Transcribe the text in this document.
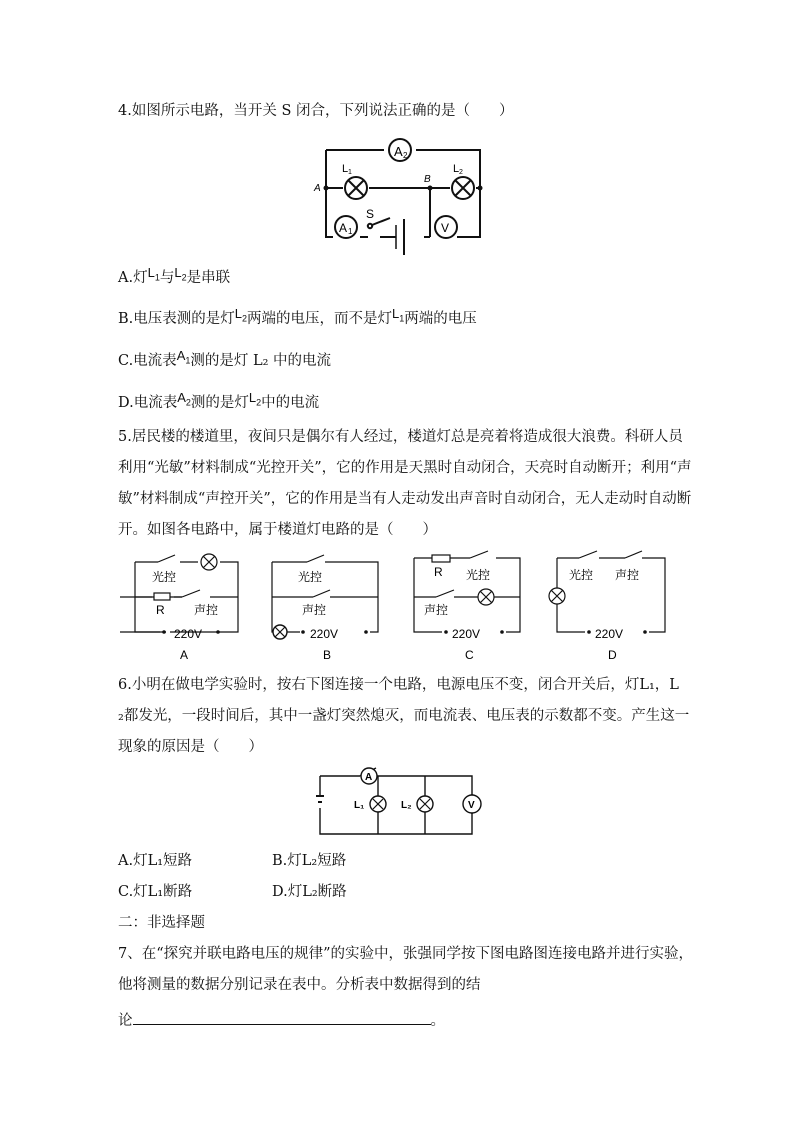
4.如图所示电路，当开关 S 闭合，下列说法正确的是（　　）
A 2
L 1	L 2
A
B
A 1
S
V
A.灯$L_1$与$L_2$是串联
B.电压表测的是灯$L_2$两端的电压，而不是灯$L_1$两端的电压
C.电流表$A_1$测的是灯 L₂ 中的电流
D.电流表$A_2$测的是灯$L_2$中的电流
5.居民楼的楼道里，夜间只是偶尔有人经过，楼道灯总是亮着将造成很大浪费。科研人员
利用“光敏”材料制成“光控开关”，它的作用是天黑时自动闭合，天亮时自动断开；利用“声
敏”材料制成“声控开关”，它的作用是当有人走动发出声音时自动闭合，无人走动时自动断
开。如图各电路中，属于楼道灯电路的是（　　）
光控
R 声控
220V
A
光控
声控
220V
B
R 光控
声控
220V
C
光控 声控
220V
D
6.小明在做电学实验时，按右下图连接一个电路，电源电压不变，闭合开关后，灯L₁，L
₂都发光，一段时间后，其中一盏灯突然熄灭，而电流表、电压表的示数都不变。产生这一
现象的原因是（　　）
A
L₁	L₂	V
A.灯L₁短路	B.灯L₂短路
C.灯L₁断路	D.灯L₂断路
二：非选择题
7、在“探究并联电路电压的规律”的实验中，张强同学按下图电路图连接电路并进行实验，
他将测量的数据分别记录在表中。分析表中数据得到的结
论	。
